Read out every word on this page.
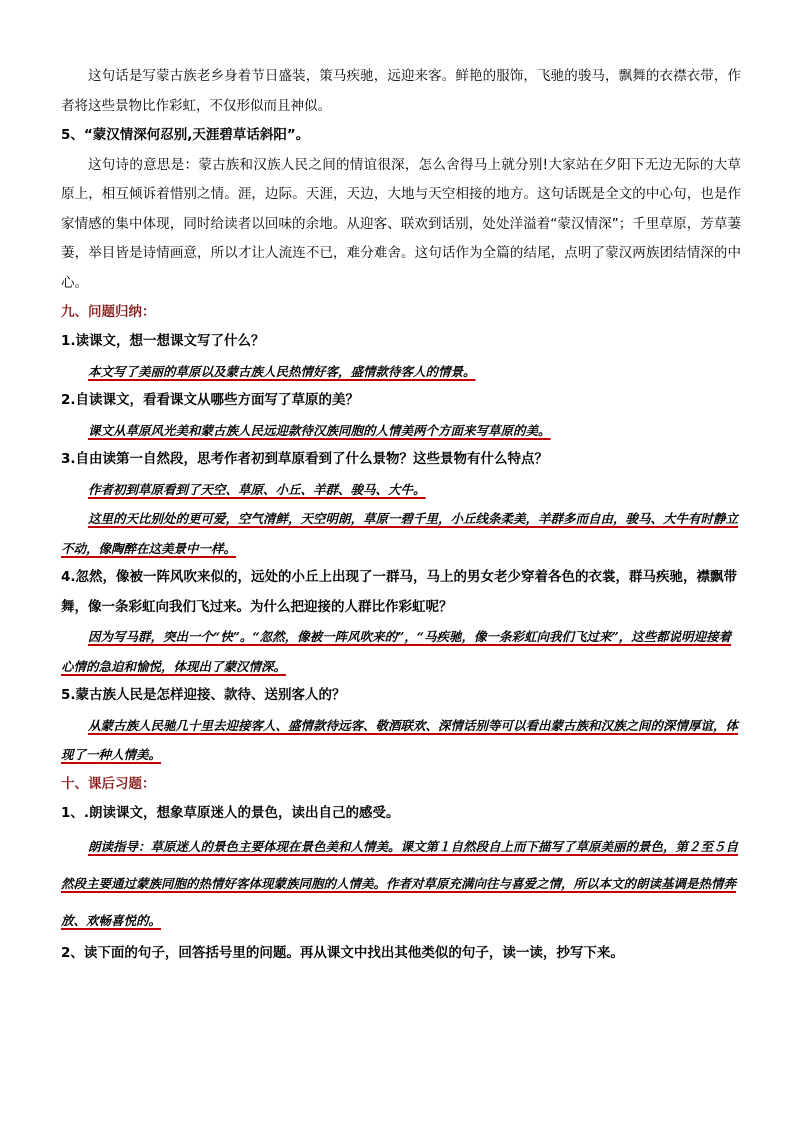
这句话是写蒙古族老乡身着节日盛装，策马疾驰，远迎来客。鲜艳的服饰，飞驰的骏马，飘舞的衣襟衣带，作者将这些景物比作彩虹，不仅形似而且神似。

5、“蒙汉情深何忍别,天涯碧草话斜阳”。

这句诗的意思是：蒙古族和汉族人民之间的情谊很深，怎么舍得马上就分别!大家站在夕阳下无边无际的大草原上，相互倾诉着惜别之情。涯，边际。天涯，天边，大地与天空相接的地方。这句话既是全文的中心句，也是作家情感的集中体现，同时给读者以回味的余地。从迎客、联欢到话别，处处洋溢着“蒙汉情深”；千里草原，芳草萋萋，举目皆是诗情画意，所以才让人流连不已，难分难舍。这句话作为全篇的结尾，点明了蒙汉两族团结情深的中心。

九、问题归纳：

1.读课文，想一想课文写了什么？

本文写了美丽的草原以及蒙古族人民热情好客，盛情款待客人的情景。

2.自读课文，看看课文从哪些方面写了草原的美？

课文从草原风光美和蒙古族人民远迎款待汉族同胞的人情美两个方面来写草原的美。

3.自由读第一自然段，思考作者初到草原看到了什么景物？这些景物有什么特点？

作者初到草原看到了天空、草原、小丘、羊群、骏马、大牛。

这里的天比别处的更可爱，空气清鲜，天空明朗，草原一碧千里，小丘线条柔美，羊群多而自由，骏马、大牛有时静立不动，像陶醉在这美景中一样。

4.忽然，像被一阵风吹来似的，远处的小丘上出现了一群马，马上的男女老少穿着各色的衣裳，群马疾驰，襟飘带舞，像一条彩虹向我们飞过来。为什么把迎接的人群比作彩虹呢？

因为写马群，突出一个“快”。“忽然，像被一阵风吹来的”，“马疾驰，像一条彩虹向我们飞过来”，这些都说明迎接着心情的急迫和愉悦，体现出了蒙汉情深。

5.蒙古族人民是怎样迎接、款待、送别客人的？

从蒙古族人民驰几十里去迎接客人、盛情款待远客、敬酒联欢、深情话别等可以看出蒙古族和汉族之间的深情厚谊，体现了一种人情美。

十、课后习题：

1、.朗读课文，想象草原迷人的景色，读出自己的感受。

朗读指导：草原迷人的景色主要体现在景色美和人情美。课文第１自然段自上而下描写了草原美丽的景色，第２至５自然段主要通过蒙族同胞的热情好客体现蒙族同胞的人情美。作者对草原充满向往与喜爱之情，所以本文的朗读基调是热情奔放、欢畅喜悦的。

2、读下面的句子，回答括号里的问题。再从课文中找出其他类似的句子，读一读，抄写下来。
